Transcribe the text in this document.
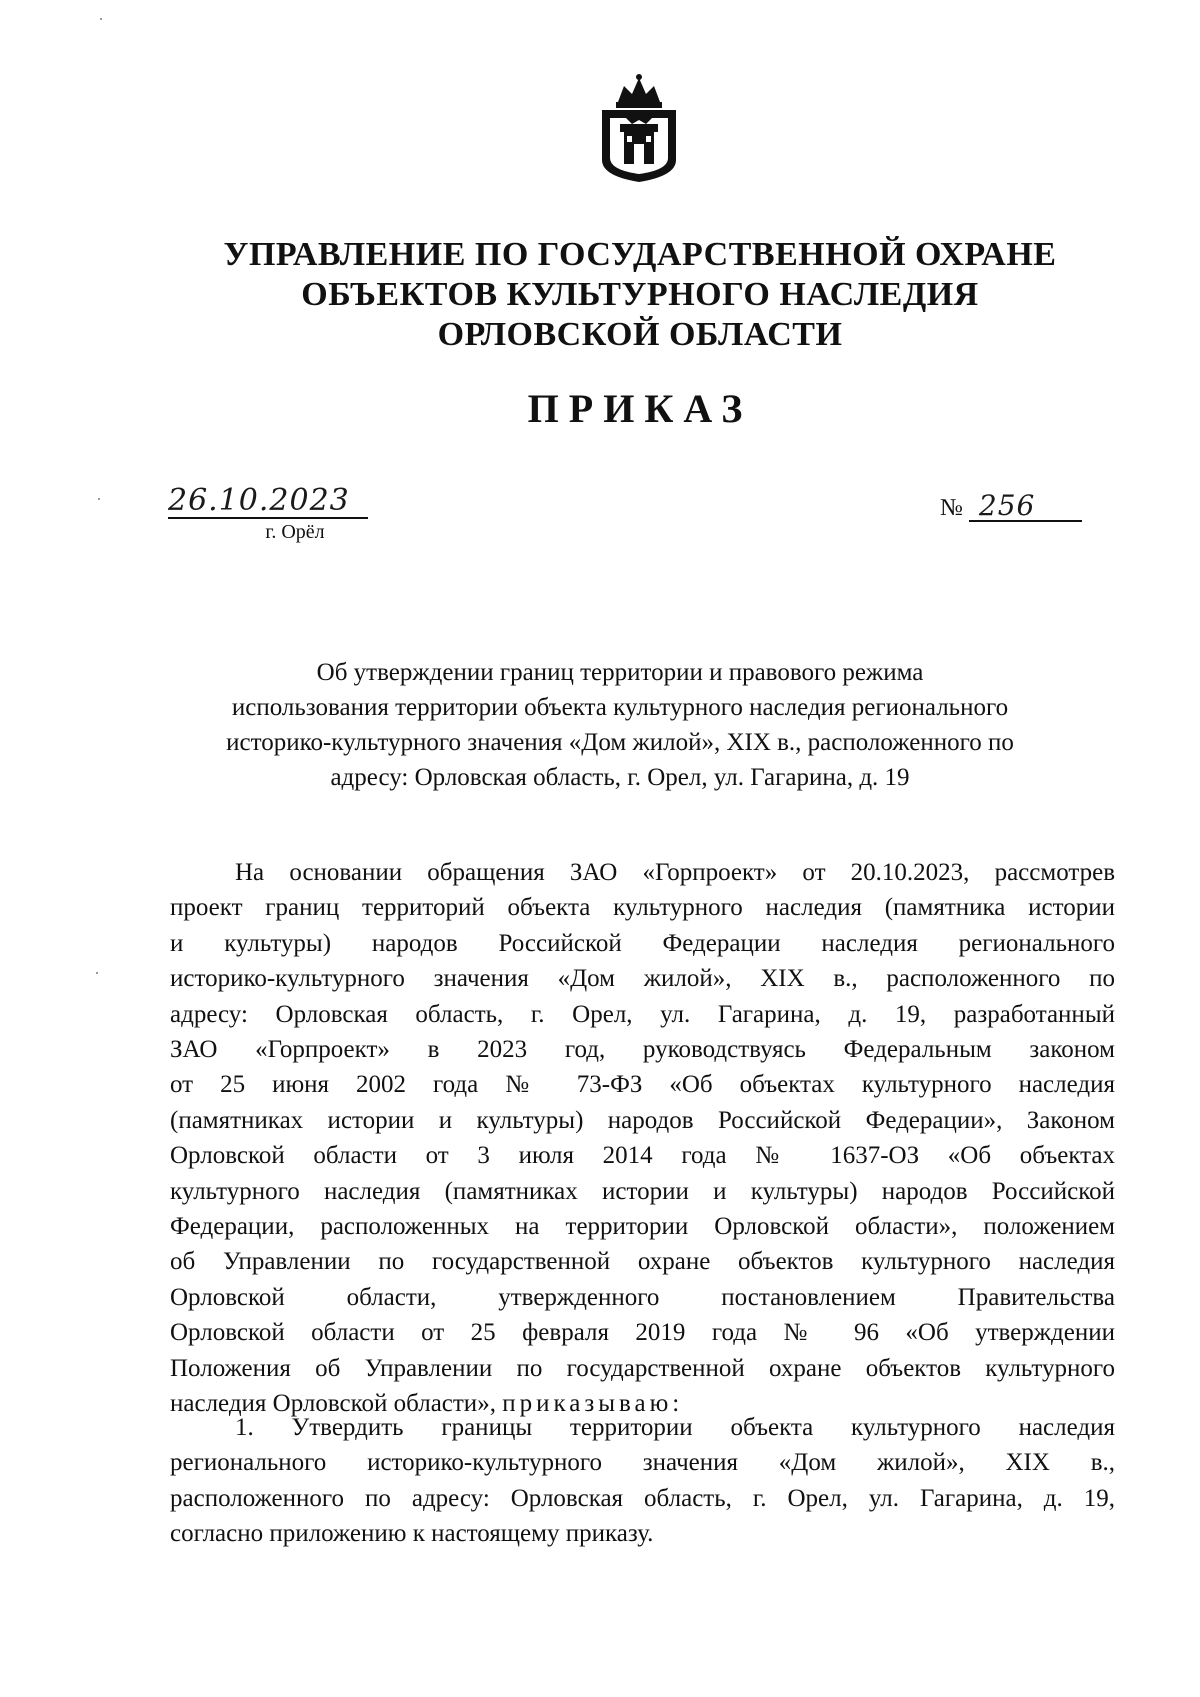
УПРАВЛЕНИЕ ПО ГОСУДАРСТВЕННОЙ ОХРАНЕ
ОБЪЕКТОВ КУЛЬТУРНОГО НАСЛЕДИЯ
ОРЛОВСКОЙ ОБЛАСТИ
ПРИКАЗ
26.10.2023
г. Орёл
№ 256
Об утверждении границ территории и правового режима
использования территории объекта культурного наследия регионального
историко-культурного значения «Дом жилой», XIX в., расположенного по
адресу: Орловская область, г. Орел, ул. Гагарина, д. 19
На основании обращения ЗАО «Горпроект» от 20.10.2023, рассмотрев
проект границ территорий объекта культурного наследия (памятника истории
и культуры) народов Российской Федерации наследия регионального
историко-культурного значения «Дом жилой», XIX в., расположенного по
адресу: Орловская область, г. Орел, ул. Гагарина, д. 19, разработанный
ЗАО «Горпроект» в 2023 год, руководствуясь Федеральным законом
от 25 июня 2002 года № 73-ФЗ «Об объектах культурного наследия
(памятниках истории и культуры) народов Российской Федерации», Законом
Орловской области от 3 июля 2014 года № 1637-ОЗ «Об объектах
культурного наследия (памятниках истории и культуры) народов Российской
Федерации, расположенных на территории Орловской области», положением
об Управлении по государственной охране объектов культурного наследия
Орловской области, утвержденного постановлением Правительства
Орловской области от 25 февраля 2019 года № 96 «Об утверждении
Положения об Управлении по государственной охране объектов культурного
наследия Орловской области», приказываю:
1. Утвердить границы территории объекта культурного наследия
регионального историко-культурного значения «Дом жилой», XIX в.,
расположенного по адресу: Орловская область, г. Орел, ул. Гагарина, д. 19,
согласно приложению к настоящему приказу.
